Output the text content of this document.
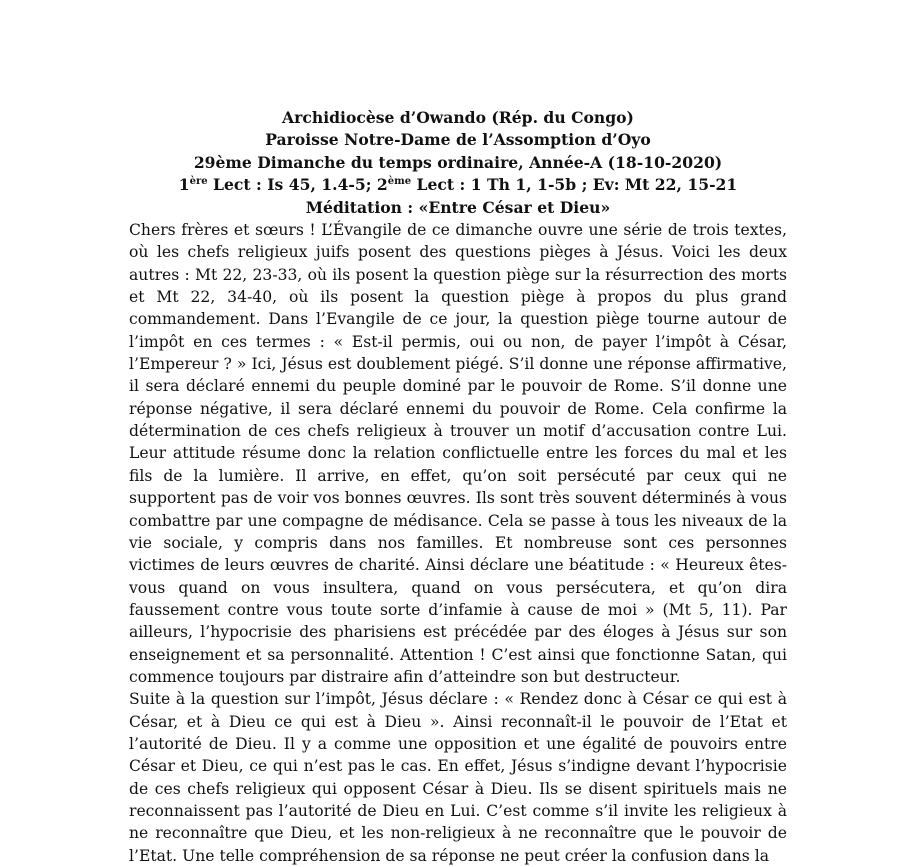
Archidiocèse d’Owando (Rép. du Congo)
Paroisse Notre-Dame de l’Assomption d’Oyo
29ème Dimanche du temps ordinaire, Année-A (18-10-2020)
1ère Lect : Is 45, 1.4-5; 2ème Lect : 1 Th 1, 1-5b ; Ev: Mt 22, 15-21
Méditation : «Entre César et Dieu»

Chers frères et sœurs ! L’Évangile de ce dimanche ouvre une série de trois textes, où les chefs religieux juifs posent des questions pièges à Jésus. Voici les deux autres : Mt 22, 23-33, où ils posent la question piège sur la résurrection des morts et Mt 22, 34-40, où ils posent la question piège à propos du plus grand commandement. Dans l’Evangile de ce jour, la question piège tourne autour de l’impôt en ces termes : « Est-il permis, oui ou non, de payer l’impôt à César, l’Empereur ? » Ici, Jésus est doublement piégé. S’il donne une réponse affirmative, il sera déclaré ennemi du peuple dominé par le pouvoir de Rome. S’il donne une réponse négative, il sera déclaré ennemi du pouvoir de Rome. Cela confirme la détermination de ces chefs religieux à trouver un motif d’accusation contre Lui. Leur attitude résume donc la relation conflictuelle entre les forces du mal et les fils de la lumière. Il arrive, en effet, qu’on soit persécuté par ceux qui ne supportent pas de voir vos bonnes œuvres. Ils sont très souvent déterminés à vous combattre par une compagne de médisance. Cela se passe à tous les niveaux de la vie sociale, y compris dans nos familles. Et nombreuse sont ces personnes victimes de leurs œuvres de charité. Ainsi déclare une béatitude : « Heureux êtes-vous quand on vous insultera, quand on vous persécutera, et qu’on dira faussement contre vous toute sorte d’infamie à cause de moi » (Mt 5, 11). Par ailleurs, l’hypocrisie des pharisiens est précédée par des éloges à Jésus sur son enseignement et sa personnalité. Attention ! C’est ainsi que fonctionne Satan, qui commence toujours par distraire afin d’atteindre son but destructeur.

Suite à la question sur l’impôt, Jésus déclare : « Rendez donc à César ce qui est à César, et à Dieu ce qui est à Dieu ». Ainsi reconnaît-il le pouvoir de l’Etat et l’autorité de Dieu. Il y a comme une opposition et une égalité de pouvoirs entre César et Dieu, ce qui n’est pas le cas. En effet, Jésus s’indigne devant l’hypocrisie de ces chefs religieux qui opposent César à Dieu. Ils se disent spirituels mais ne reconnaissent pas l’autorité de Dieu en Lui. C’est comme s’il invite les religieux à ne reconnaître que Dieu, et les non-religieux à ne reconnaître que le pouvoir de l’Etat. Une telle compréhension de sa réponse ne peut créer la confusion dans la
